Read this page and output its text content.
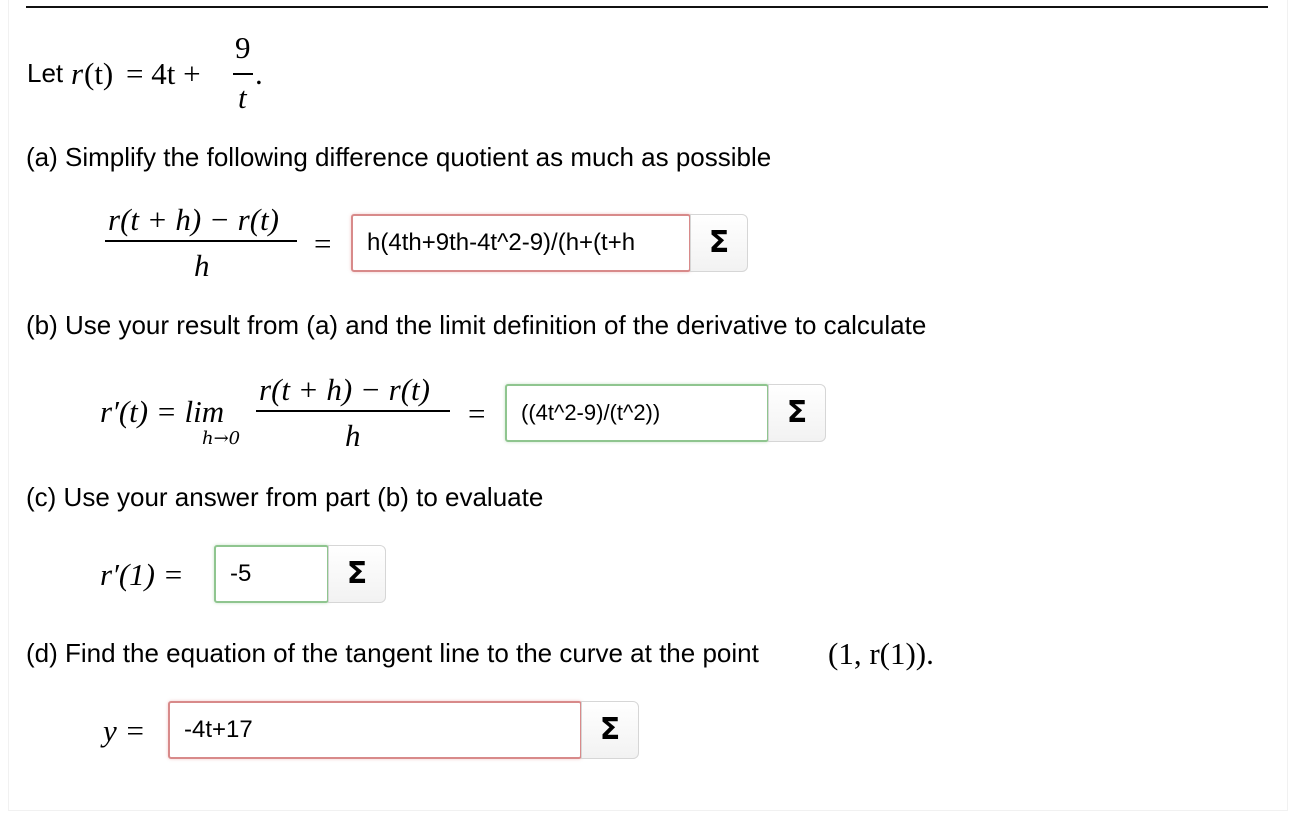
Let r (t) = 4t +
9
t
.
(a) Simplify the following difference quotient as much as possible
r(t + h) − r(t)
h
=	h(4th+9th-4t^2-9)/(h+(t+h	Σ
(b) Use your result from (a) and the limit definition of the derivative to calculate
r′(t) = lim
h→0
r(t + h) − r(t)
h
=	((4t^2-9)/(t^2))	Σ
(c) Use your answer from part (b) to evaluate
r′(1) =	-5	Σ
(d) Find the equation of the tangent line to the curve at the point (1, r(1)).
y =	-4t+17	Σ
